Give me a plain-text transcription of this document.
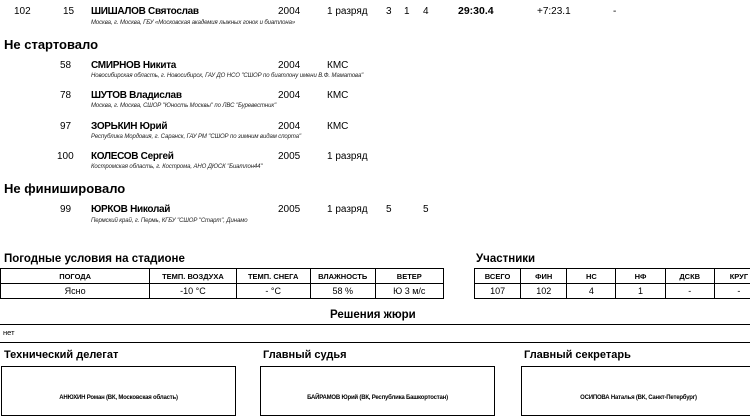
102	15 ШИШАЛОВ Святослав	2004	1 разряд 3 1 4	29:30.4	+7:23.1	-
Москва, г. Москва, ГБУ «Московская академия лыжных гонок и биатлона»
Не стартовало
58 СМИРНОВ Никита	2004	КМС
Новосибирская область, г. Новосибирск, ГАУ ДО НСО "СШОР по биатлону имени В.Ф. Маматова"
78 ШУТОВ Владислав	2004	КМС
Москва, г. Москва, СШОР "Юность Москвы" по ЛВС "Буревестник"
97 ЗОРЬКИН Юрий	2004	КМС
Республика Мордовия, г. Саранск, ГАУ РМ "СШОР по зимним видам спорта"
100 КОЛЕСОВ Сергей	2005	1 разряд
Костромская область, г. Кострома, АНО ДЮСК "Биатлон44"
Не финишировало
99 ЮРКОВ Николай	2005	1 разряд 5	5
Пермский край, г. Пермь, КГБУ "СШОР "Старт", Динамо
Погодные условия на стадионе
ПОГОДА	ТЕМП. ВОЗДУХА	ТЕМП. СНЕГА	ВЛАЖНОСТЬ	ВЕТЕР
Ясно	-10 °C	- °C	58 %	Ю 3 м/с
Участники
ВСЕГО	ФИН	НС	НФ	ДСКВ	КРУГ
107	102	4	1	-	-
Решения жюри
нет
Технический делегат
АНЮХИН Роман (ВК, Московская область)
Главный судья
БАЙРАМОВ Юрий (ВК, Республика Башкортостан)
Главный секретарь
ОСИПОВА Наталья (ВК, Санкт-Петербург)
